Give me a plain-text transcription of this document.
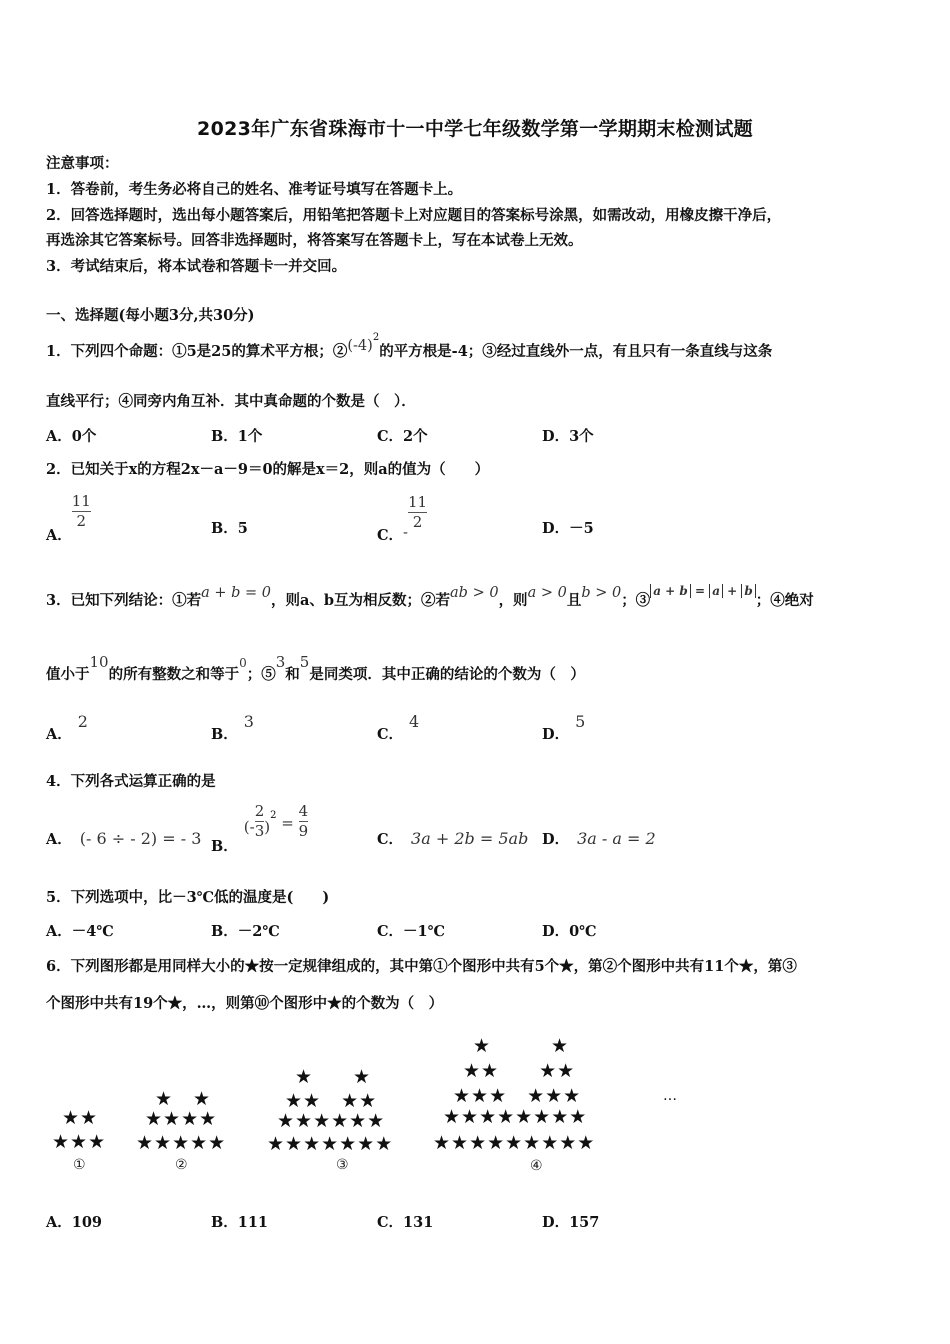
2023年广东省珠海市十一中学七年级数学第一学期期末检测试题
注意事项：
1．答卷前，考生务必将自己的姓名、准考证号填写在答题卡上。
2．回答选择题时，选出每小题答案后，用铅笔把答题卡上对应题目的答案标号涂黑，如需改动，用橡皮擦干净后，
再选涂其它答案标号。回答非选择题时，将答案写在答题卡上，写在本试卷上无效。
3．考试结束后，将本试卷和答题卡一并交回。
一、选择题(每小题3分,共30分)
1．下列四个命题：①5是25的算术平方根；$②(-4)^2$的平方根是-4；③经过直线外一点，有且只有一条直线与这条
直线平行；④同旁内角互补．其中真命题的个数是（　）．
A．0个	B．1个	C．2个	D．3个
2．已知关于x的方程2x－a－9＝0的解是x＝2，则a的值为（　　）
A．
$\frac{11}{2}$	B．5	C．-
$\frac{11}{2}$	D．－5
3．已知下列结论：①若a + b = 0，则a、b互为相反数；②若ab > 0，则a > 0且b > 0；③$^{a + b = a + b}$；④绝对
值小于10的所有整数之和等于$^0$；⑤3和5是同类项．其中正确的结论的个数为（　）
A．2
B．3
C．4
D．5
4．下列各式运算正确的是
A． (- 6 ÷ - 2) = - 3 B．(- $\frac{2}{3} )^2 = \frac{4}{9}$	C． 3a + 2b = 5ab D． 3a - a = 2
5．下列选项中，比－3℃低的温度是(　　)
A．－4℃	B．－2℃	C．－1℃	D．0℃
6．下列图形都是用同样大小的★按一定规律组成的，其中第①个图形中共有5个★，第②个图形中共有11个★，第③
个图形中共有19个★，…，则第⑩个图形中★的个数为（　）
★★
★★★
①
★　★
★★★★
★★★★★
②
★　　★
★★　★★
★★★★★★
★★★★★★★
③
★　　　★
★★　　★★
★★★　★★★
★★★★★★★★
★★★★★★★★★
④
…
A．109	B．111	C．131	D．157
